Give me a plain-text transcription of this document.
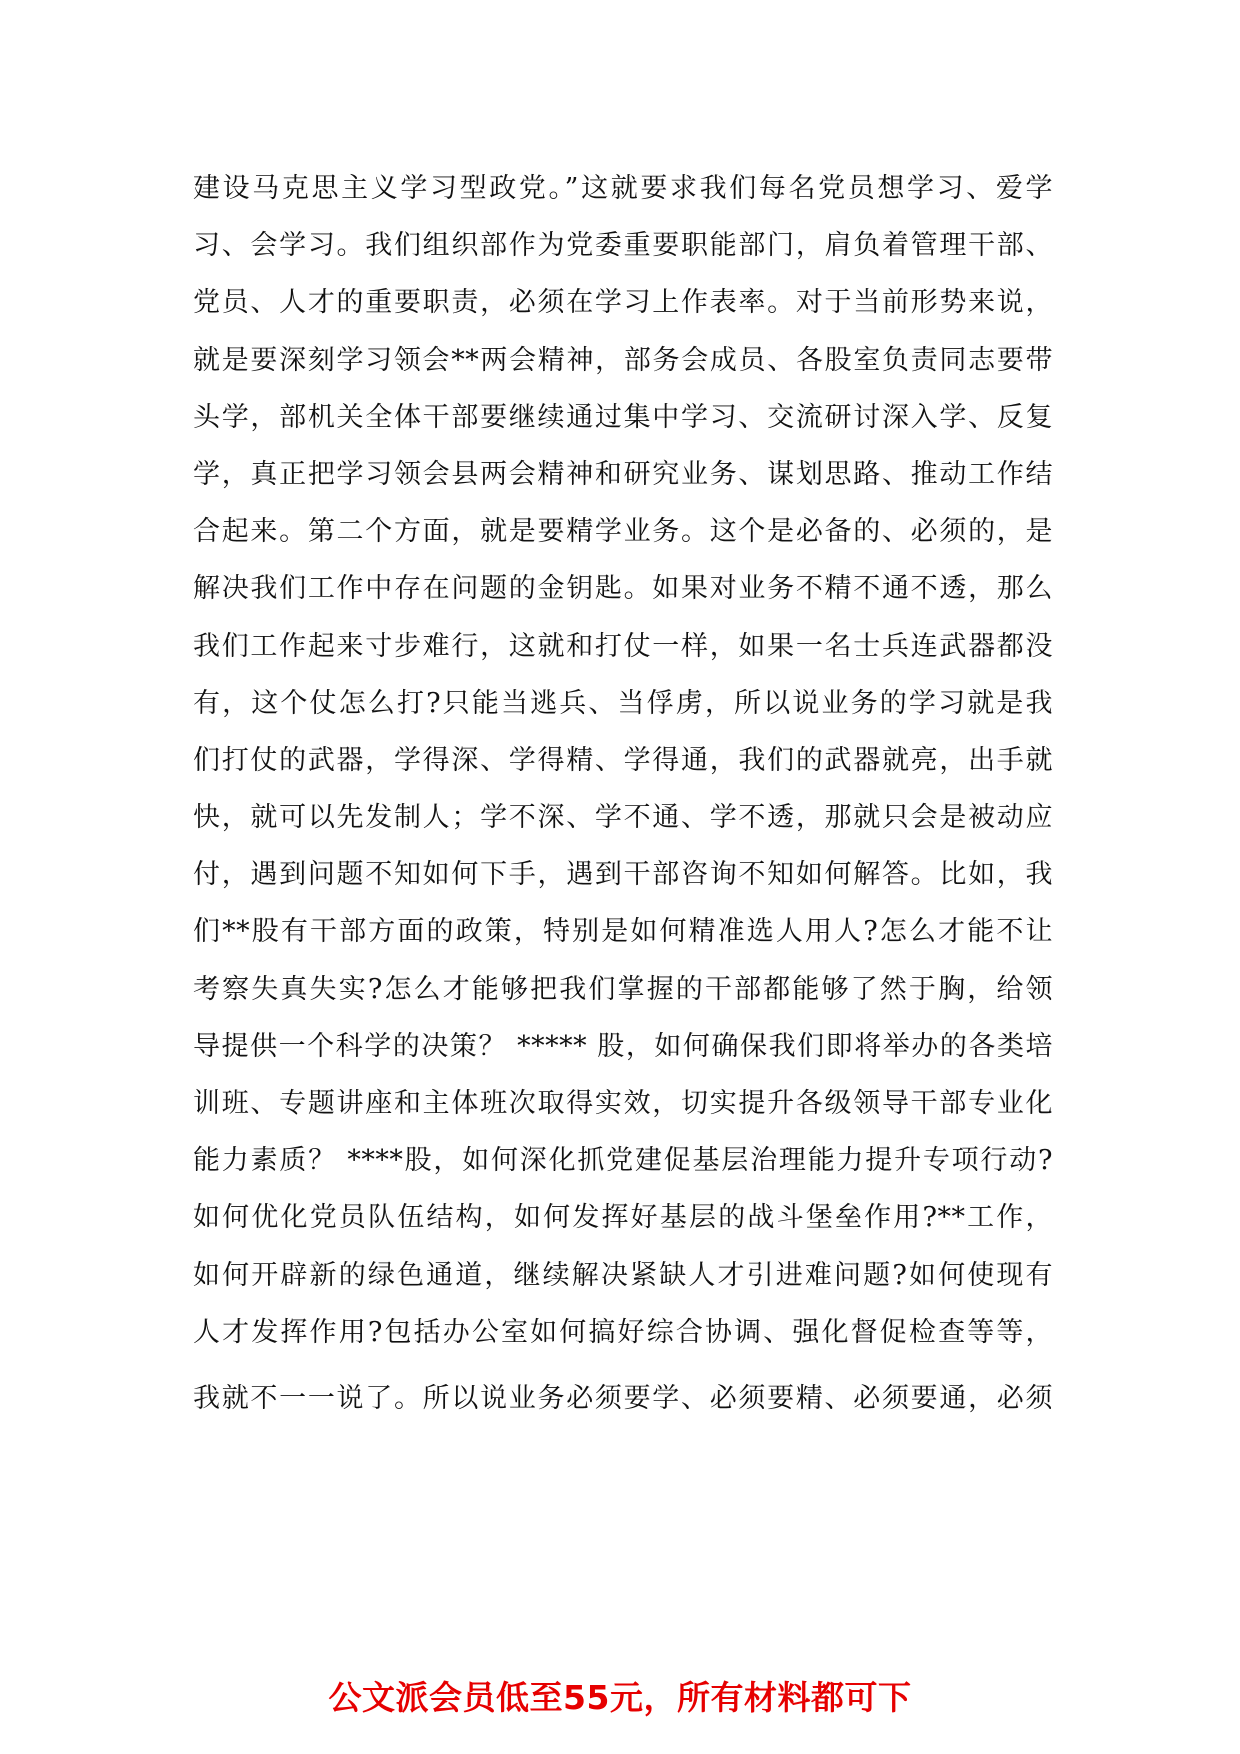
建设马克思主义学习型政党。”这就要求我们每名党员想学习、爱学
习、会学习。我们组织部作为党委重要职能部门，肩负着管理干部、
党员、人才的重要职责，必须在学习上作表率。对于当前形势来说，
就是要深刻学习领会**两会精神，部务会成员、各股室负责同志要带
头学，部机关全体干部要继续通过集中学习、交流研讨深入学、反复
学，真正把学习领会县两会精神和研究业务、谋划思路、推动工作结
合起来。第二个方面，就是要精学业务。这个是必备的、必须的，是
解决我们工作中存在问题的金钥匙。如果对业务不精不通不透，那么
我们工作起来寸步难行，这就和打仗一样，如果一名士兵连武器都没
有，这个仗怎么打?只能当逃兵、当俘虏，所以说业务的学习就是我
们打仗的武器，学得深、学得精、学得通，我们的武器就亮，出手就
快，就可以先发制人；学不深、学不通、学不透，那就只会是被动应
付，遇到问题不知如何下手，遇到干部咨询不知如何解答。比如，我
们**股有干部方面的政策，特别是如何精准选人用人?怎么才能不让
考察失真失实?怎么才能够把我们掌握的干部都能够了然于胸，给领
导提供一个科学的决策？ ***** 股，如何确保我们即将举办的各类培
训班、专题讲座和主体班次取得实效，切实提升各级领导干部专业化
能力素质？ ****股，如何深化抓党建促基层治理能力提升专项行动?
如何优化党员队伍结构，如何发挥好基层的战斗堡垒作用?**工作，
如何开辟新的绿色通道，继续解决紧缺人才引进难问题?如何使现有
人才发挥作用?包括办公室如何搞好综合协调、强化督促检查等等，
我就不一一说了。所以说业务必须要学、必须要精、必须要通，必须
公文派会员低至55元，所有材料都可下
